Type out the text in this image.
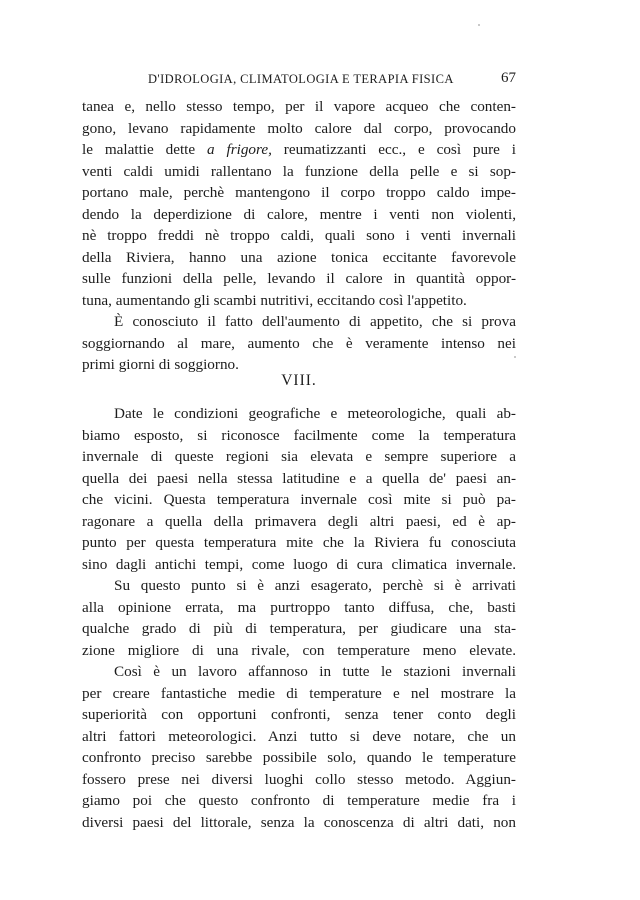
D'IDROLOGIA, CLIMATOLOGIA E TERAPIA FISICA	67
tanea e, nello stesso tempo, per il vapore acqueo che conten-
gono, levano rapidamente molto calore dal corpo, provocando
le malattie dette a frigore, reumatizzanti ecc., e così pure i
venti caldi umidi rallentano la funzione della pelle e si sop-
portano male, perchè mantengono il corpo troppo caldo impe-
dendo la deperdizione di calore, mentre i venti non violenti,
nè troppo freddi nè troppo caldi, quali sono i venti invernali
della Riviera, hanno una azione tonica eccitante favorevole
sulle funzioni della pelle, levando il calore in quantità oppor-
tuna, aumentando gli scambi nutritivi, eccitando così l'appetito.
È conosciuto il fatto dell'aumento di appetito, che si prova
soggiornando al mare, aumento che è veramente intenso nei
primi giorni di soggiorno.
VIII.
Date le condizioni geografiche e meteorologiche, quali ab-
biamo esposto, si riconosce facilmente come la temperatura
invernale di queste regioni sia elevata e sempre superiore a
quella dei paesi nella stessa latitudine e a quella de' paesi an-
che vicini. Questa temperatura invernale così mite si può pa-
ragonare a quella della primavera degli altri paesi, ed è ap-
punto per questa temperatura mite che la Riviera fu conosciuta
sino dagli antichi tempi, come luogo di cura climatica invernale.
Su questo punto si è anzi esagerato, perchè si è arrivati
alla opinione errata, ma purtroppo tanto diffusa, che, basti
qualche grado di più di temperatura, per giudicare una sta-
zione migliore di una rivale, con temperature meno elevate.
Così è un lavoro affannoso in tutte le stazioni invernali
per creare fantastiche medie di temperature e nel mostrare la
superiorità con opportuni confronti, senza tener conto degli
altri fattori meteorologici. Anzi tutto si deve notare, che un
confronto preciso sarebbe possibile solo, quando le temperature
fossero prese nei diversi luoghi collo stesso metodo. Aggiun-
giamo poi che questo confronto di temperature medie fra i
diversi paesi del littorale, senza la conoscenza di altri dati, non
